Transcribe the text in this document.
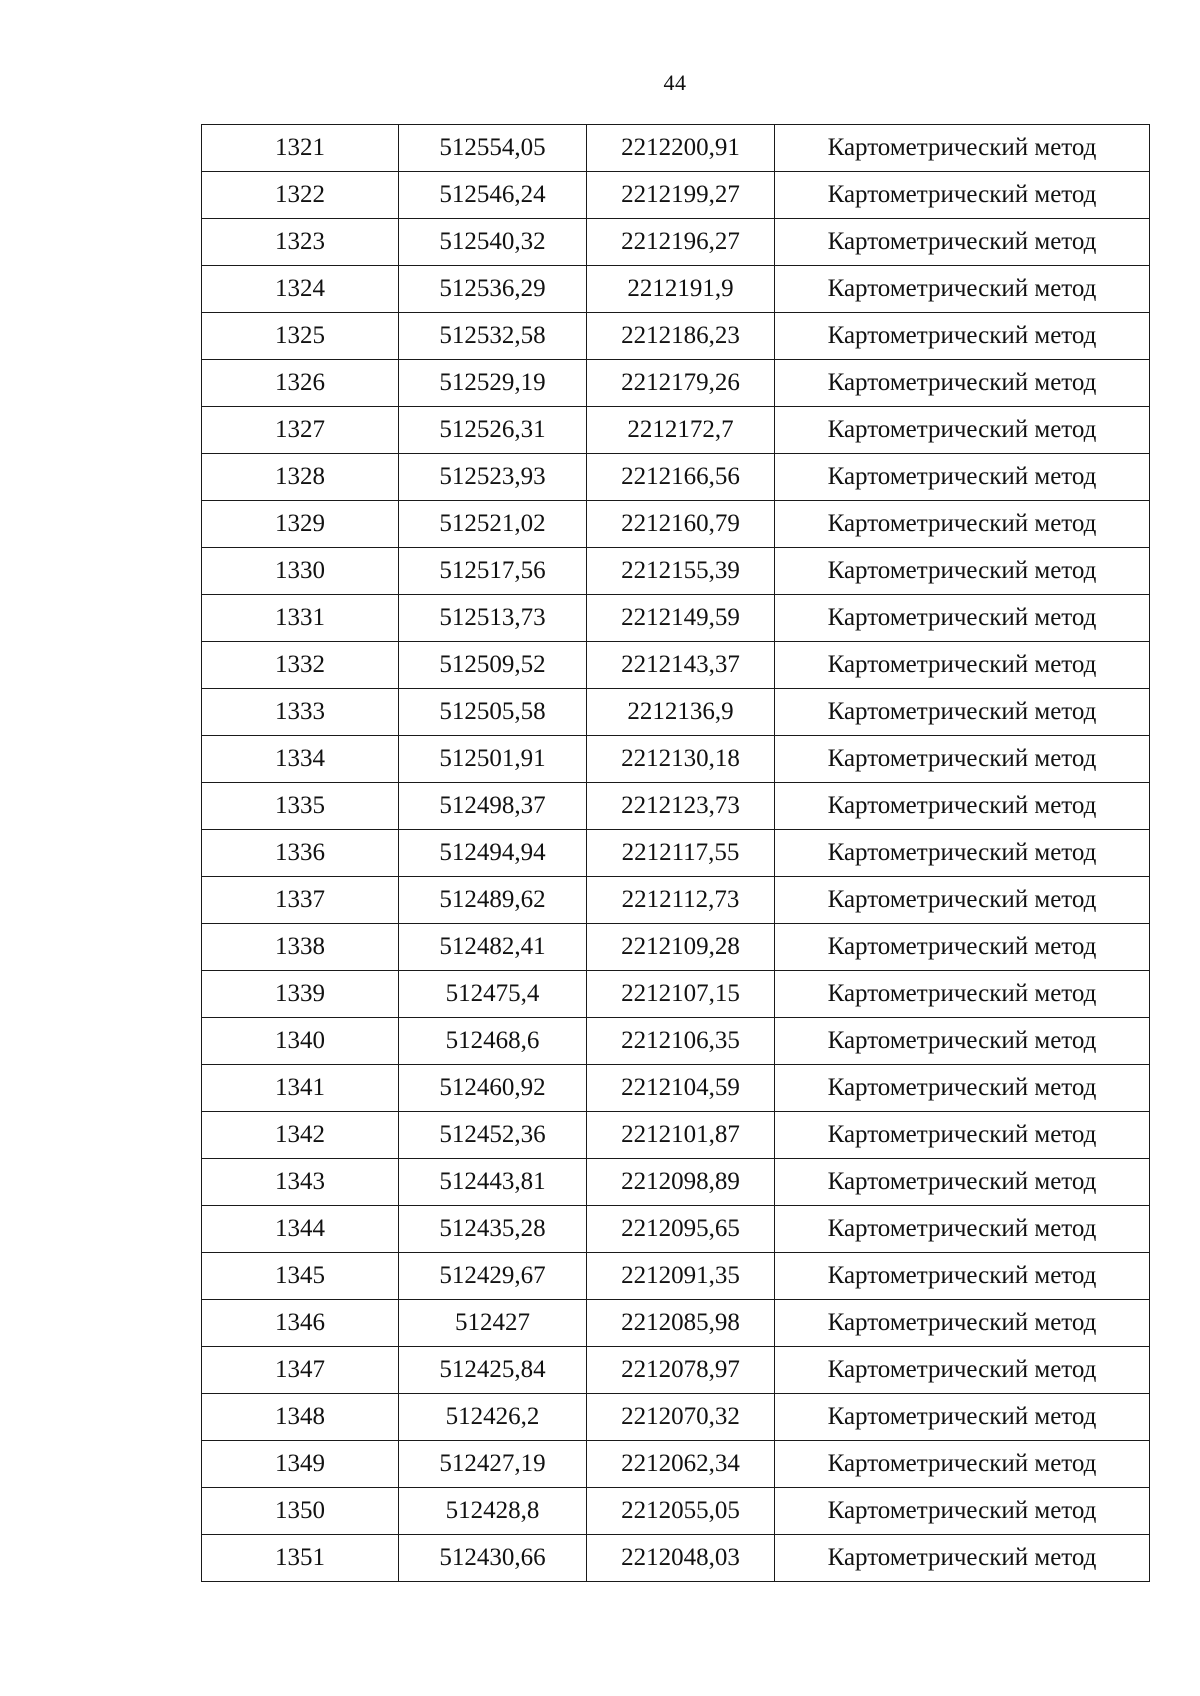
44
1321	512554,05	2212200,91	Картометрический метод
1322	512546,24	2212199,27	Картометрический метод
1323	512540,32	2212196,27	Картометрический метод
1324	512536,29	2212191,9	Картометрический метод
1325	512532,58	2212186,23	Картометрический метод
1326	512529,19	2212179,26	Картометрический метод
1327	512526,31	2212172,7	Картометрический метод
1328	512523,93	2212166,56	Картометрический метод
1329	512521,02	2212160,79	Картометрический метод
1330	512517,56	2212155,39	Картометрический метод
1331	512513,73	2212149,59	Картометрический метод
1332	512509,52	2212143,37	Картометрический метод
1333	512505,58	2212136,9	Картометрический метод
1334	512501,91	2212130,18	Картометрический метод
1335	512498,37	2212123,73	Картометрический метод
1336	512494,94	2212117,55	Картометрический метод
1337	512489,62	2212112,73	Картометрический метод
1338	512482,41	2212109,28	Картометрический метод
1339	512475,4	2212107,15	Картометрический метод
1340	512468,6	2212106,35	Картометрический метод
1341	512460,92	2212104,59	Картометрический метод
1342	512452,36	2212101,87	Картометрический метод
1343	512443,81	2212098,89	Картометрический метод
1344	512435,28	2212095,65	Картометрический метод
1345	512429,67	2212091,35	Картометрический метод
1346	512427	2212085,98	Картометрический метод
1347	512425,84	2212078,97	Картометрический метод
1348	512426,2	2212070,32	Картометрический метод
1349	512427,19	2212062,34	Картометрический метод
1350	512428,8	2212055,05	Картометрический метод
1351	512430,66	2212048,03	Картометрический метод
